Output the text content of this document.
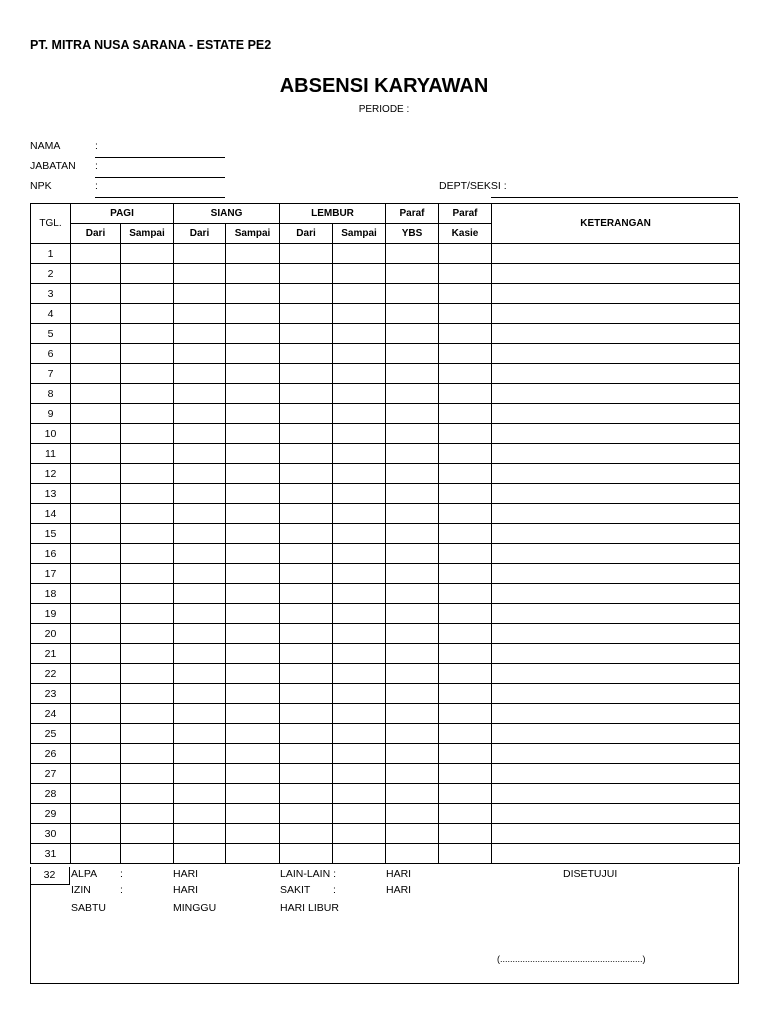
PT. MITRA NUSA SARANA - ESTATE PE2
ABSENSI KARYAWAN
PERIODE :
NAMA	:
JABATAN :
NPK	:	DEPT/SEKSI :
TGL.	PAGI		SIANG		LEMBUR		Paraf	Paraf	KETERANGAN
	Dari	Sampai	Dari	Sampai	Dari	Sampai	YBS	Kasie	
1									
2									
3									
4									
5									
6									
7									
8									
9									
10									
11									
12									
13									
14									
15									
16									
17									
18									
19									
20									
21									
22									
23									
24									
25									
26									
27									
28									
29									
30									
31									
32	ALPA :	HARI	LAIN-LAIN :	HARI	DISETUJUI
IZIN	:	HARI	SAKIT :	HARI
SABTU	MINGGU	HARI LIBUR
(.........................................................)
